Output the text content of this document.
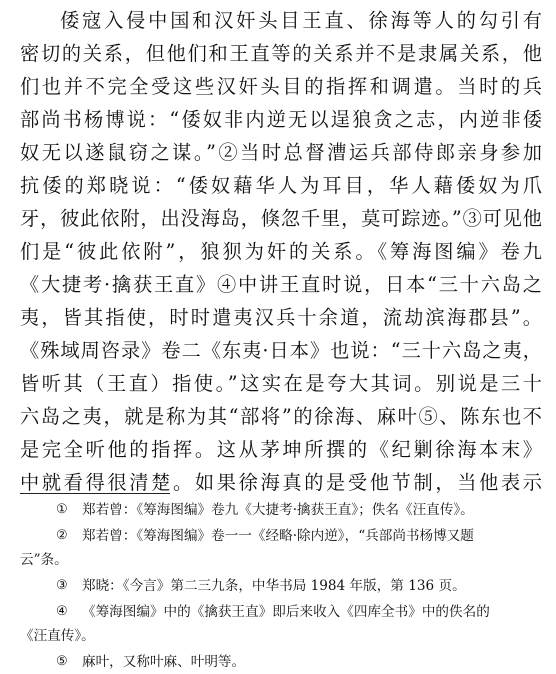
倭寇入侵中国和汉奸头目王直、徐海等人的勾引有
密切的关系，但他们和王直等的关系并不是隶属关系，他
们也并不完全受这些汉奸头目的指挥和调遣。当时的兵
部尚书杨博说：“倭奴非内逆无以逞狼贪之志，内逆非倭
奴无以遂鼠窃之谋。”②当时总督漕运兵部侍郎亲身参加
抗倭的郑晓说：“倭奴藉华人为耳目，华人藉倭奴为爪
牙，彼此依附，出没海岛，倏忽千里，莫可踪迹。”③可见他
们是“彼此依附”，狼狈为奸的关系。《筹海图编》卷九
《大捷考·擒获王直》④中讲王直时说，日本“三十六岛之
夷，皆其指使，时时遣夷汉兵十余道，流劫滨海郡县”。
《殊域周咨录》卷二《东夷·日本》也说：“三十六岛之夷，
皆听其（王直）指使。”这实在是夸大其词。别说是三十
六岛之夷，就是称为其“部将”的徐海、麻叶⑤、陈东也不
是完全听他的指挥。这从茅坤所撰的《纪剿徐海本末》
中就看得很清楚。如果徐海真的是受他节制，当他表示
① 郑若曾：《筹海图编》卷九《大捷考·擒获王直》；佚名《汪直传》。
② 郑若曾：《筹海图编》卷一一《经略·除内逆》，“兵部尚书杨博又题
云”条。
③ 郑晓：《今言》第二三九条，中华书局 1984 年版，第 136 页。
④ 《筹海图编》中的《擒获王直》即后来收入《四库全书》中的佚名的
《汪直传》。
⑤ 麻叶，又称叶麻、叶明等。
